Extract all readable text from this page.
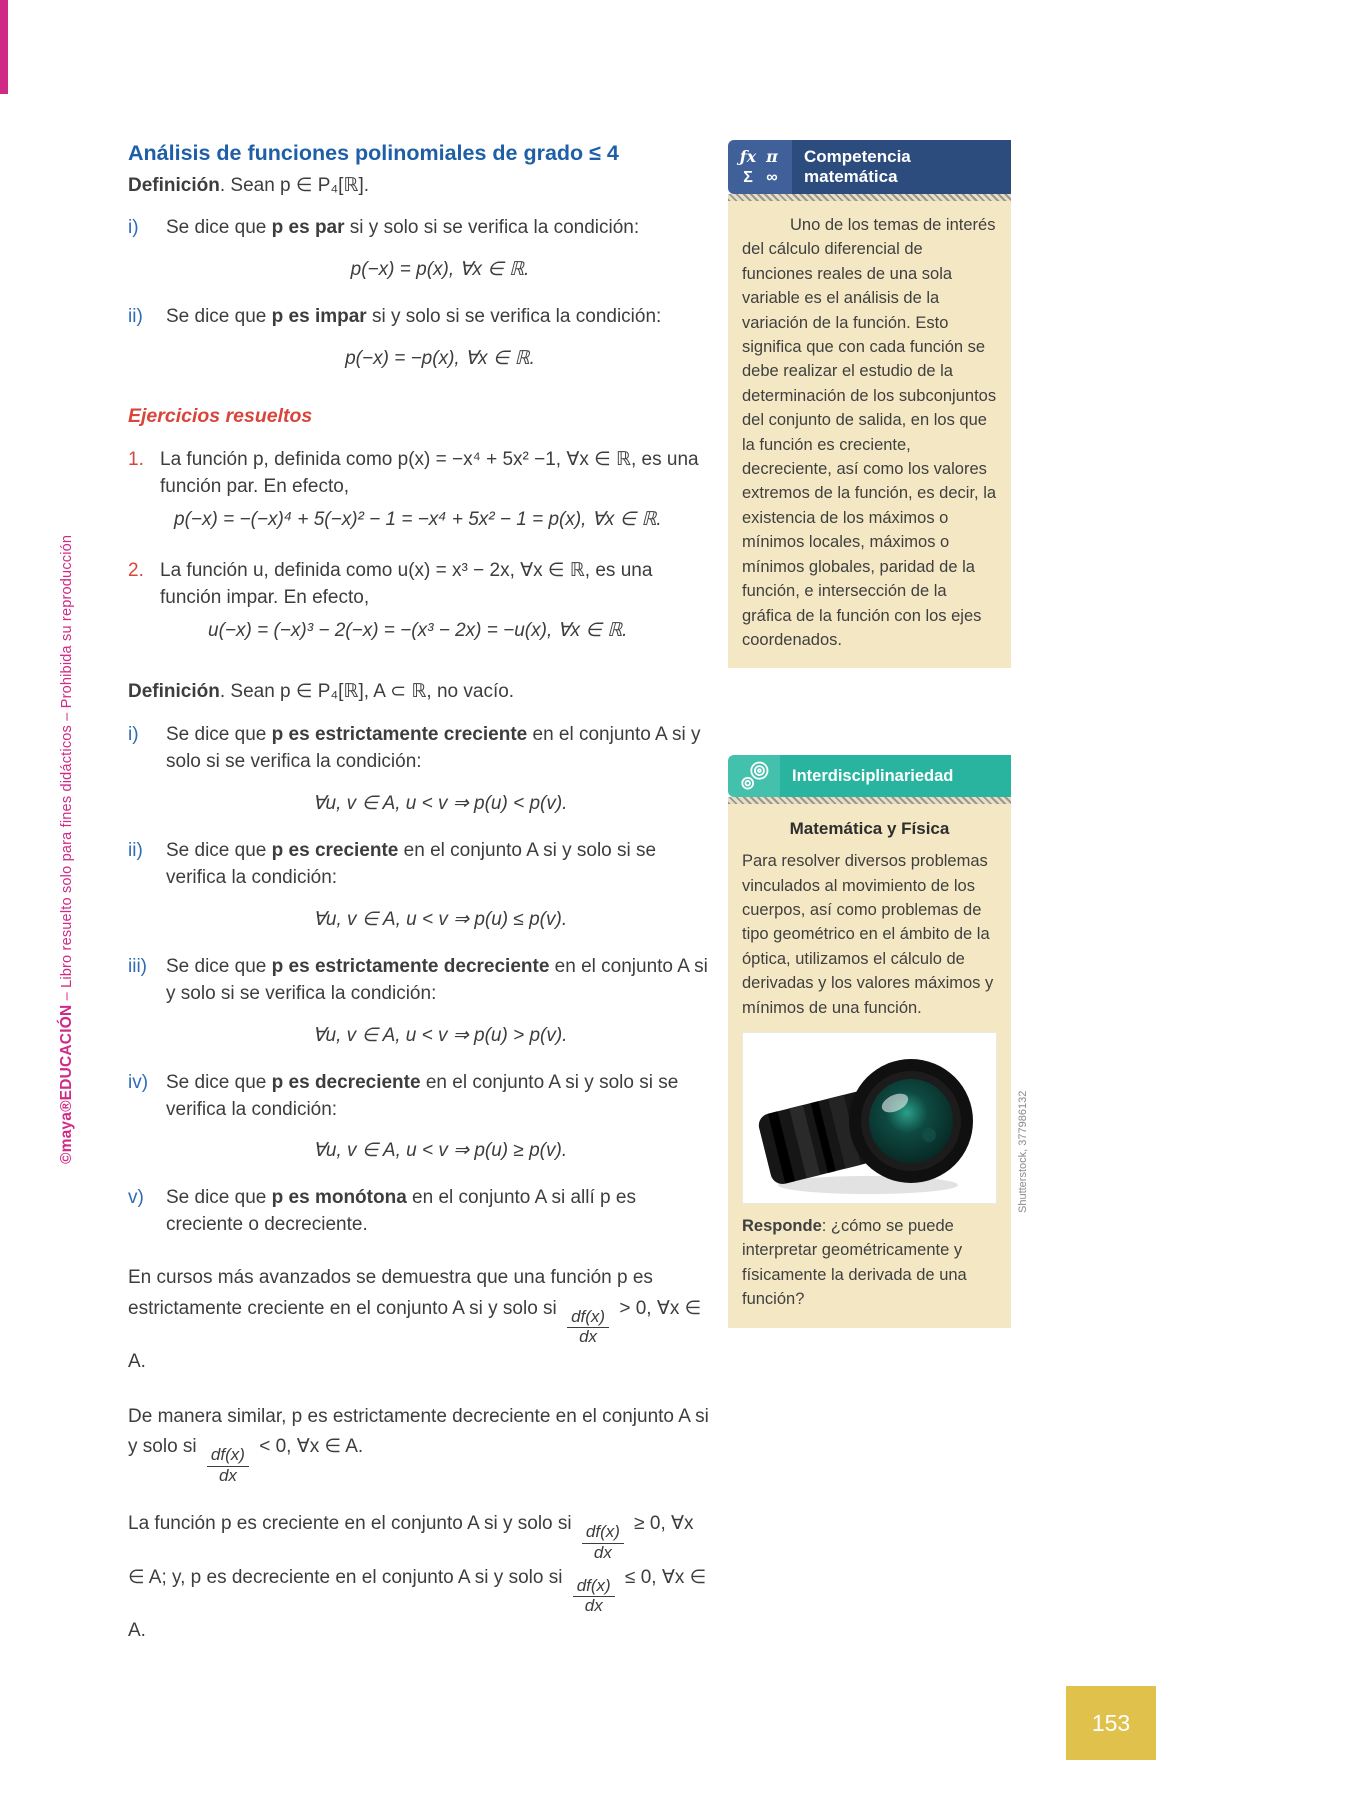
©maya®EDUCACIÓN – Libro resuelto solo para fines didácticos – Prohibida su reproducción
Análisis de funciones polinomiales de grado ≤ 4

Definición. Sean p ∈ P₄[ℝ].

i)	Se dice que p es par si y solo si se verifica la condición:

p(−x) = p(x), ∀x ∈ ℝ.

ii)	Se dice que p es impar si y solo si se verifica la condición:

p(−x) = −p(x), ∀x ∈ ℝ.

Ejercicios resueltos

1. La función p, definida como p(x) = −x⁴ + 5x² −1, ∀x ∈ ℝ, es una función par. En efecto,

p(−x) = −(−x)⁴ + 5(−x)² − 1 = −x⁴ + 5x² − 1 = p(x), ∀x ∈ ℝ.

2. La función u, definida como u(x) = x³ − 2x, ∀x ∈ ℝ, es una función impar. En efecto,

u(−x) = (−x)³ − 2(−x) = −(x³ − 2x) = −u(x), ∀x ∈ ℝ.

Definición. Sean p ∈ P₄[ℝ], A ⊂ ℝ, no vacío.

i)	Se dice que p es estrictamente creciente en el conjunto A si y solo si se verifica la condición:

∀u, v ∈ A, u < v ⇒ p(u) < p(v).

ii)	Se dice que p es creciente en el conjunto A si y solo si se verifica la condición:

∀u, v ∈ A, u < v ⇒ p(u) ≤ p(v).

iii)	Se dice que p es estrictamente decreciente en el conjunto A si y solo si se verifica la condición:

∀u, v ∈ A, u < v ⇒ p(u) > p(v).

iv) Se dice que p es decreciente en el conjunto A si y solo si se verifica la condición:

∀u, v ∈ A, u < v ⇒ p(u) ≥ p(v).

v)	Se dice que p es monótona en el conjunto A si allí p es creciente o decreciente.

En cursos más avanzados se demuestra que una función p es estrictamente creciente en el conjunto A si y solo si $\frac{df(x)}{dx} > 0$, ∀x ∈ A.

De manera similar, p es estrictamente decreciente en el conjunto A si y solo si $\frac{df(x)}{dx} < 0$, ∀x ∈ A.

La función p es creciente en el conjunto A si y solo si $\frac{df(x)}{dx} \ge 0$, ∀x ∈ A; y, p es decreciente en el conjunto A si y solo si $\frac{df(x)}{dx} \le 0$, ∀x ∈ A.

ƒx π
Σ ∞
Competencia
matemática

Uno de los temas de interés del cálculo diferencial de funciones reales de una sola variable es el análisis de la variación de la función. Esto significa que con cada función se debe realizar el estudio de la determinación de los subconjuntos del conjunto de salida, en los que la función es creciente, decreciente, así como los valores extremos de la función, es decir, la existencia de los máximos o mínimos locales, máximos o mínimos globales, paridad de la función, e intersección de la gráfica de la función con los ejes coordenados.

Interdisciplinariedad

Matemática y Física

Para resolver diversos problemas vinculados al movimiento de los cuerpos, así como problemas de tipo geométrico en el ámbito de la óptica, utilizamos el cálculo de derivadas y los valores máximos y mínimos de una función.

Responde: ¿cómo se puede interpretar geométricamente y físicamente la derivada de una función?

Shutterstock, 377986132
153
